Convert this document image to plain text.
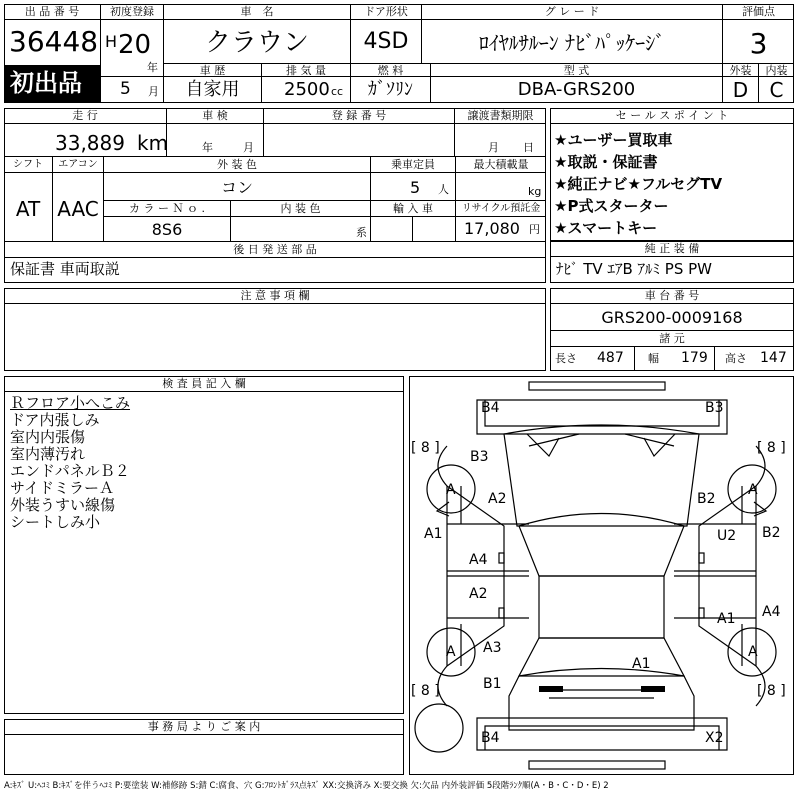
出 品 番 号
36448
初出品
初度登録
H 20
年
5 月
車　名
クラウン
ドア形状
4SD
グ レ ー ド
ﾛｲﾔﾙｻﾙｰﾝ ﾅﾋﾞﾊﾟｯｹｰｼﾞ
評価点
3
車 歴
自家用
排 気 量
2500 cc
燃 料
ｶﾞｿﾘﾝ
型 式
DBA-GRS200
外装
D
内装
C
走 行
33,889 km
車 検
年	月
登 録 番 号	譲渡書類期限
月 日
シフト
AT
エアコン
AAC
外 装 色
コン
乗車定員
5 人
最大積載量
kg
カ ラ ー Ｎ ｏ .
8S6
内 装 色
系
輸 入 車	リサイクル預託金
17,080 円
後 日 発 送 部 品
保証書 車両取説
セ ー ル ス ポ イ ン ト
★ユーザー買取車
★取説・保証書
★純正ナビ★フルセグTV
★P式スターター
★スマートキー
純 正 装 備
ﾅﾋﾞ TV ｴｱB ｱﾙﾐ PS PW
注 意 事 項 欄	車 台 番 号
GRS200-0009168
諸 元
長さ 487 幅 179 高さ 147
検 査 員 記 入 欄
Ｒフロア小へこみ
ドア内張しみ
室内内張傷
室内薄汚れ
エンドパネルＢ２
サイドミラーＡ
外装うすい線傷
シートしみ小
事 務 局 よ り ご 案 内
B4	B3
[ 8 ]	[ 8 ]
B3
A	A
A2	B2
A1	U2 B2
A4
A2
A4
A1
A	A
A3
A1
B1
[ 8 ]	[ 8 ]
B4	X2
A:ｷｽﾞ U:ﾍｺﾐ B:ｷｽﾞを伴うﾍｺﾐ P:要塗装 W:補修跡 S:錆 C:腐食、穴 G:ﾌﾛﾝﾄｶﾞﾗｽ点ｷｽﾞ XX:交換済み X:要交換 欠:欠品 内外装評価 5段階ﾗﾝｸ順(A・B・C・D・E) 2
